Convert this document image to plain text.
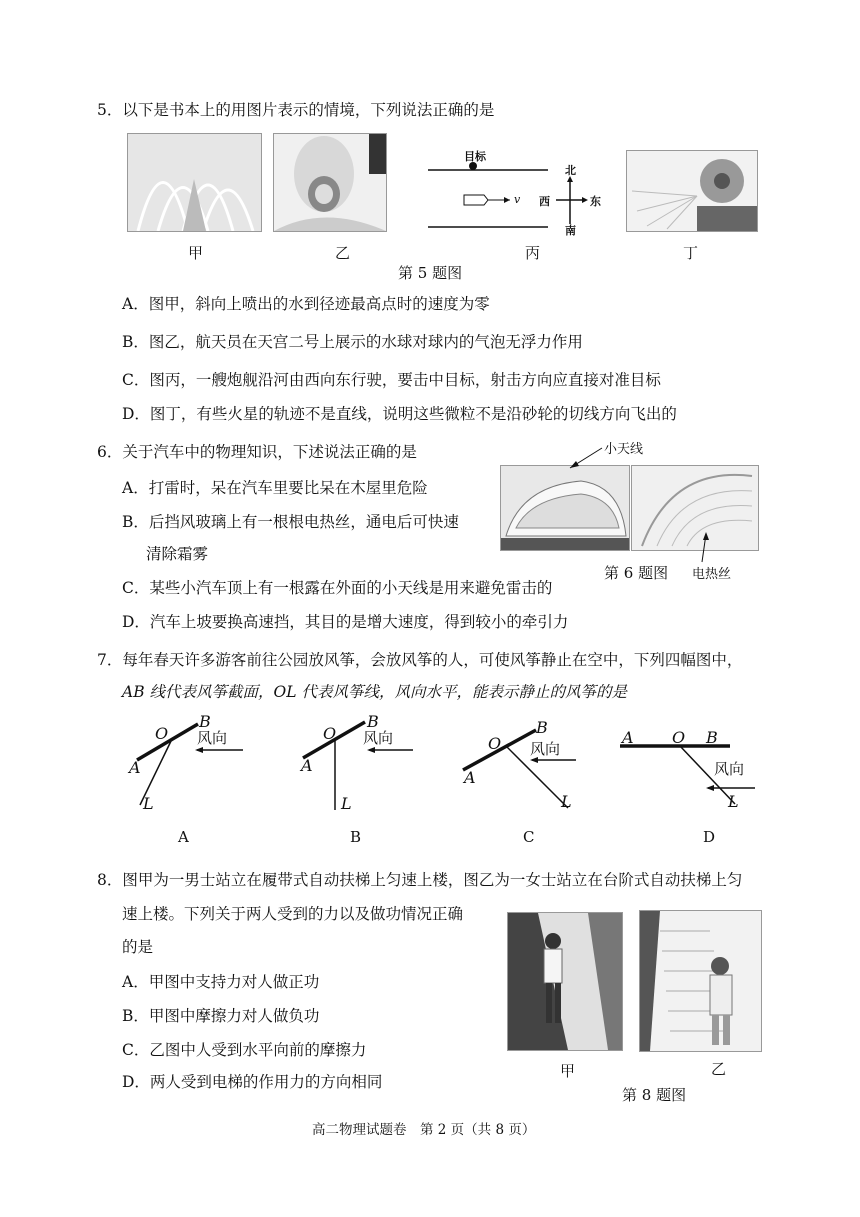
5．以下是书本上的用图片表示的情境，下列说法正确的是
甲	乙
目标
v 西	东
北
南
丙	丁
第 5 题图
A．图甲，斜向上喷出的水到径迹最高点时的速度为零
B．图乙，航天员在天宫二号上展示的水球对球内的气泡无浮力作用
C．图丙，一艘炮舰沿河由西向东行驶，要击中目标，射击方向应直接对准目标
D．图丁，有些火星的轨迹不是直线，说明这些微粒不是沿砂轮的切线方向飞出的
6．关于汽车中的物理知识，下述说法正确的是
A．打雷时，呆在汽车里要比呆在木屋里危险
B．后挡风玻璃上有一根根电热丝，通电后可快速
清除霜雾
C．某些小汽车顶上有一根露在外面的小天线是用来避免雷击的
D．汽车上坡要换高速挡，其目的是增大速度，得到较小的牵引力
小天线
第 6 题图 电热丝
7．每年春天许多游客前往公园放风筝，会放风筝的人，可使风筝静止在空中，下列四幅图中，
AB 线代表风筝截面，OL 代表风筝线，风向水平，能表示静止的风筝的是
O
B
A
L
风向
A
O
B
A
L
风向
B
O
B
A
L
风向
C
A O B
L
风向
D
8．图甲为一男士站立在履带式自动扶梯上匀速上楼，图乙为一女士站立在台阶式自动扶梯上匀
速上楼。下列关于两人受到的力以及做功情况正确
的是
A．甲图中支持力对人做正功
B．甲图中摩擦力对人做负功
C．乙图中人受到水平向前的摩擦力
D．两人受到电梯的作用力的方向相同
甲	乙
第 8 题图
高二物理试题卷　第 2 页（共 8 页）
